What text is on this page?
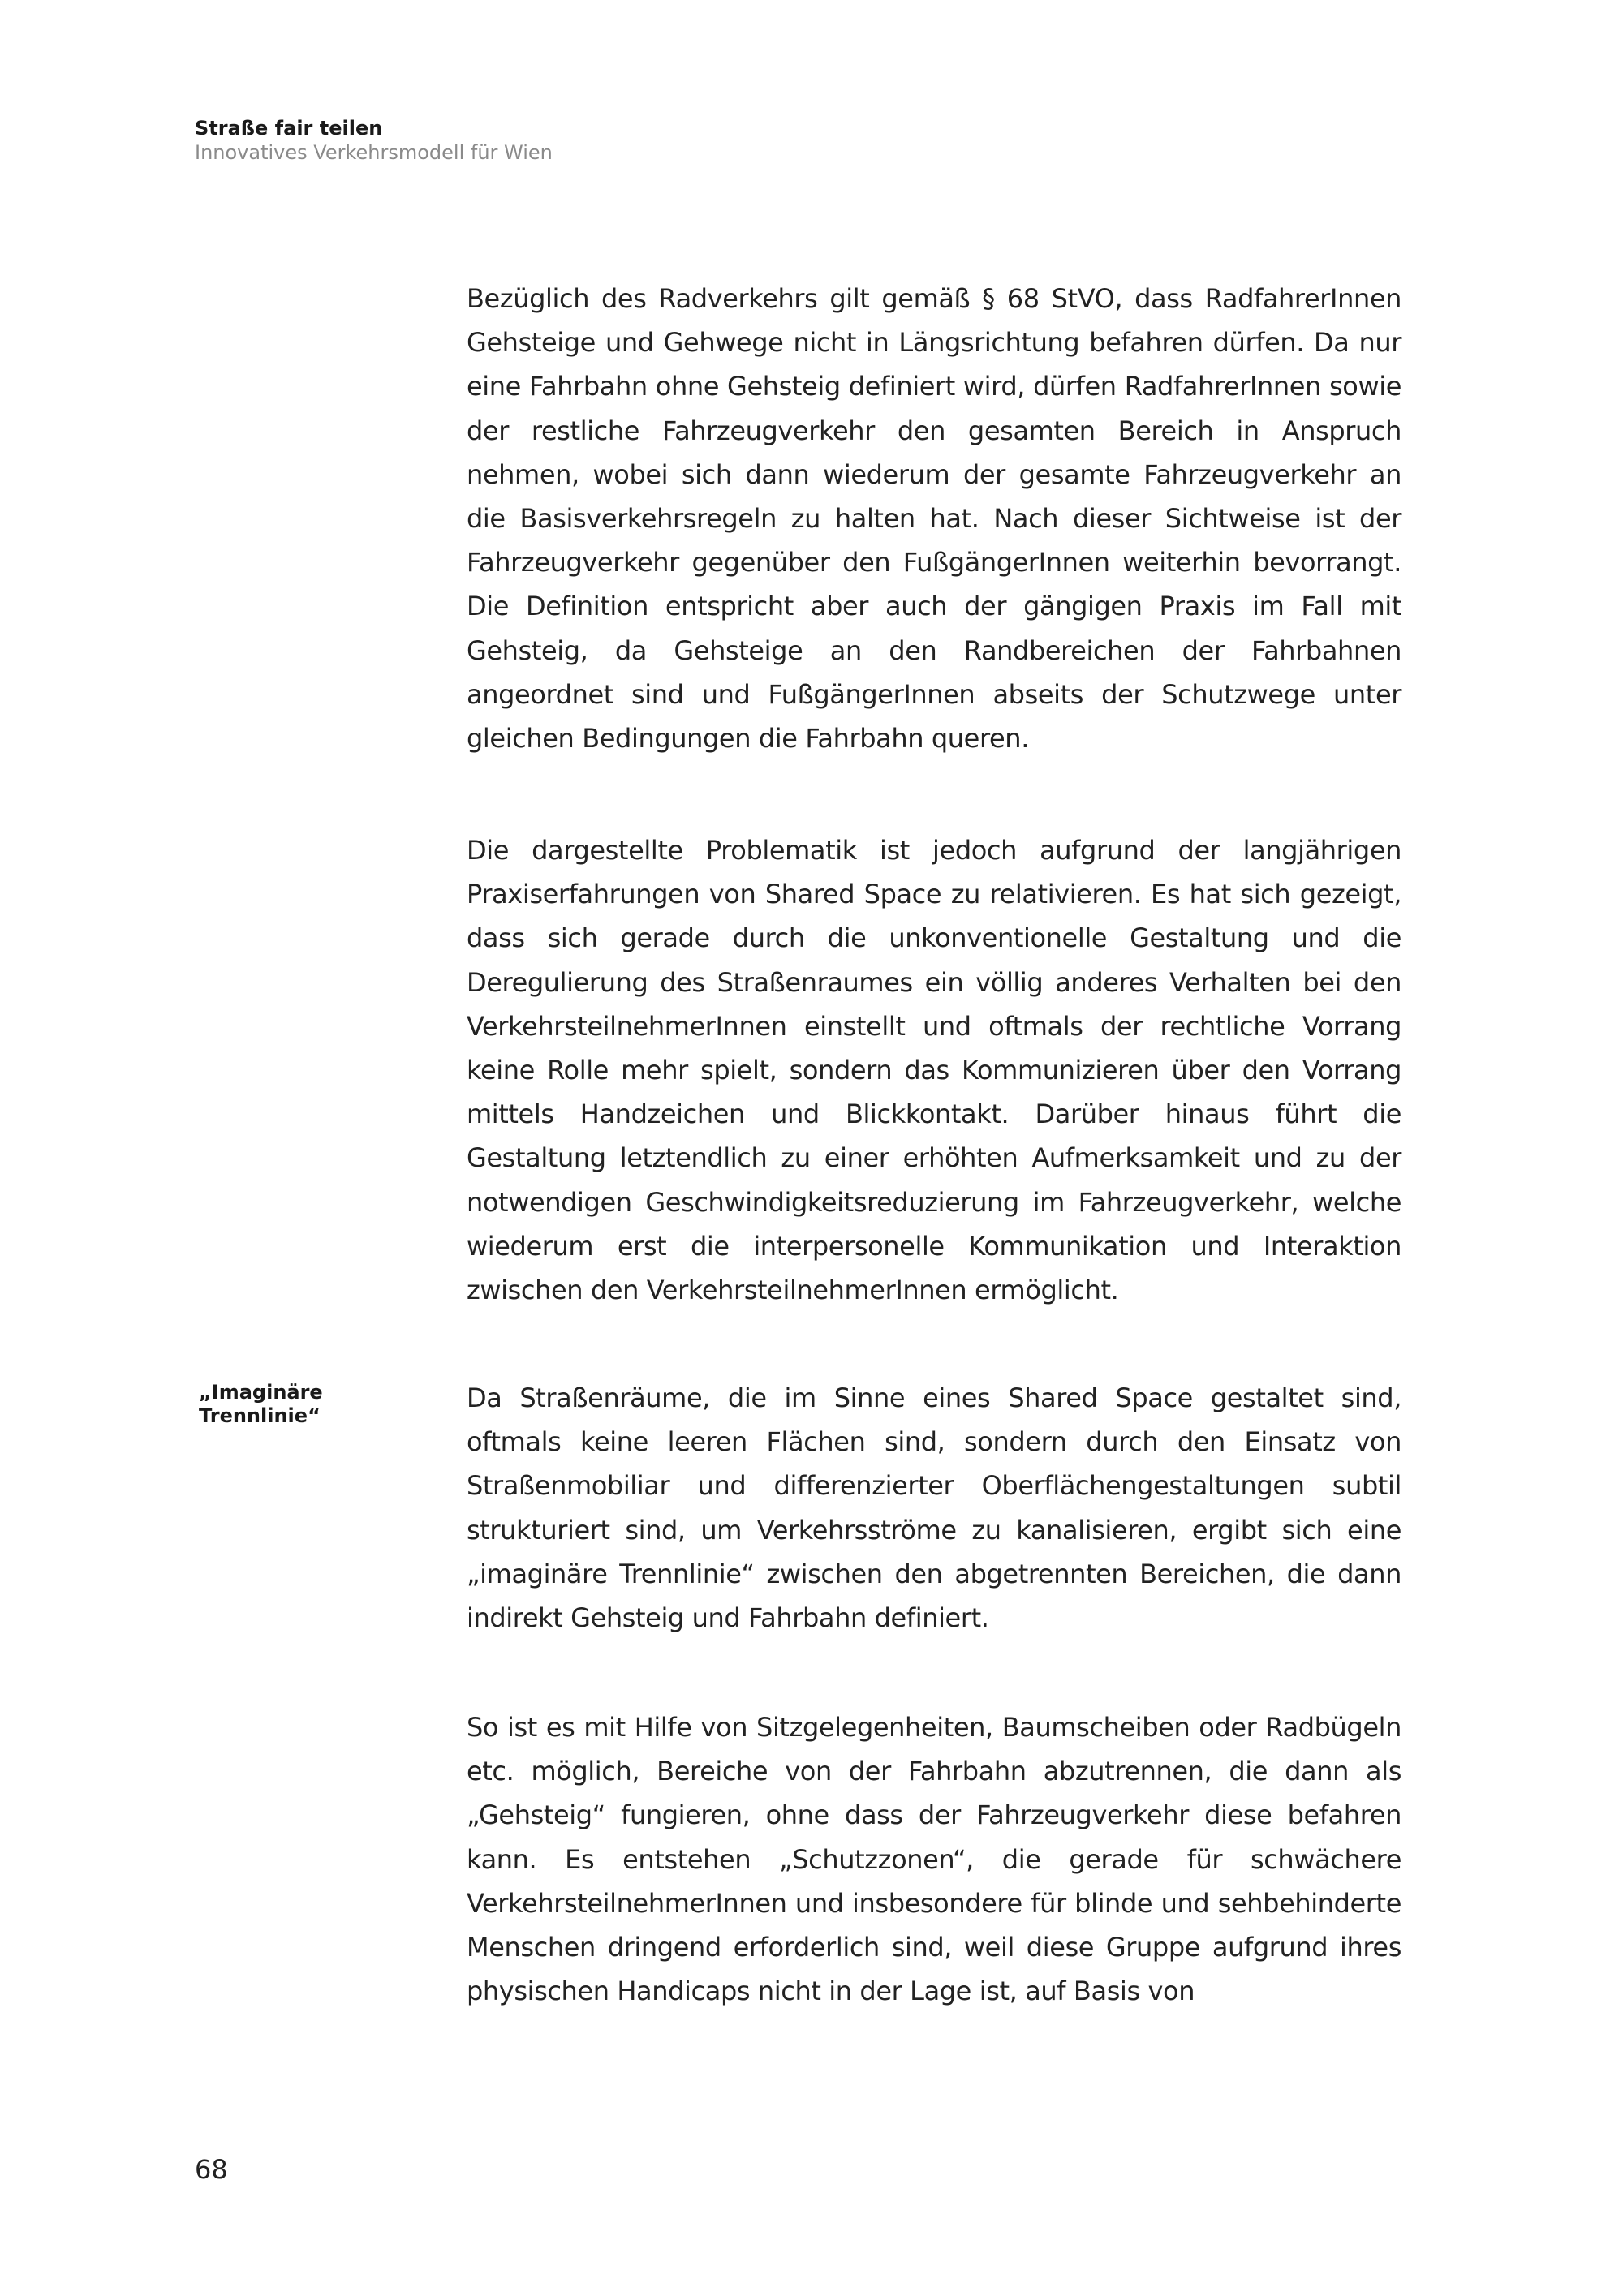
Straße fair teilen
Innovatives Verkehrsmodell für Wien

Bezüglich des Radverkehrs gilt gemäß § 68 StVO, dass RadfahrerInnen Gehsteige und Gehwege nicht in Längsrichtung befahren dürfen. Da nur eine Fahrbahn ohne Gehsteig definiert wird, dürfen RadfahrerInnen sowie der restliche Fahrzeugverkehr den gesamten Bereich in Anspruch nehmen, wobei sich dann wiederum der gesamte Fahrzeugverkehr an die Basisverkehrsregeln zu halten hat. Nach dieser Sichtweise ist der Fahrzeugverkehr gegenüber den FußgängerInnen weiterhin bevorrangt. Die Definition entspricht aber auch der gängigen Praxis im Fall mit Gehsteig, da Gehsteige an den Randbereichen der Fahrbahnen angeordnet sind und FußgängerInnen abseits der Schutzwege unter gleichen Bedingungen die Fahrbahn queren.

Die dargestellte Problematik ist jedoch aufgrund der langjährigen Praxiserfahrungen von Shared Space zu relativieren. Es hat sich gezeigt, dass sich gerade durch die unkonventionelle Gestaltung und die Deregulierung des Straßenraumes ein völlig anderes Verhalten bei den VerkehrsteilnehmerInnen einstellt und oftmals der rechtliche Vorrang keine Rolle mehr spielt, sondern das Kommunizieren über den Vorrang mittels Handzeichen und Blickkontakt. Darüber hinaus führt die Gestaltung letztendlich zu einer erhöhten Aufmerksamkeit und zu der notwendigen Geschwindigkeitsreduzierung im Fahrzeugverkehr, welche wiederum erst die interpersonelle Kommunikation und Interaktion zwischen den VerkehrsteilnehmerInnen ermöglicht.

„Imaginäre
Trennlinie“

Da Straßenräume, die im Sinne eines Shared Space gestaltet sind, oftmals keine leeren Flächen sind, sondern durch den Einsatz von Straßenmobiliar und differenzierter Oberflächengestaltungen subtil strukturiert sind, um Verkehrsströme zu kanalisieren, ergibt sich eine „imaginäre Trennlinie“ zwischen den abgetrennten Bereichen, die dann indirekt Gehsteig und Fahrbahn definiert.

So ist es mit Hilfe von Sitzgelegenheiten, Baumscheiben oder Radbügeln etc. möglich, Bereiche von der Fahrbahn abzutrennen, die dann als „Gehsteig“ fungieren, ohne dass der Fahrzeugverkehr diese befahren kann. Es entstehen „Schutzzonen“, die gerade für schwächere VerkehrsteilnehmerInnen und insbesondere für blinde und sehbehinderte Menschen dringend erforderlich sind, weil diese Gruppe aufgrund ihres physischen Handicaps nicht in der Lage ist, auf Basis von

68
